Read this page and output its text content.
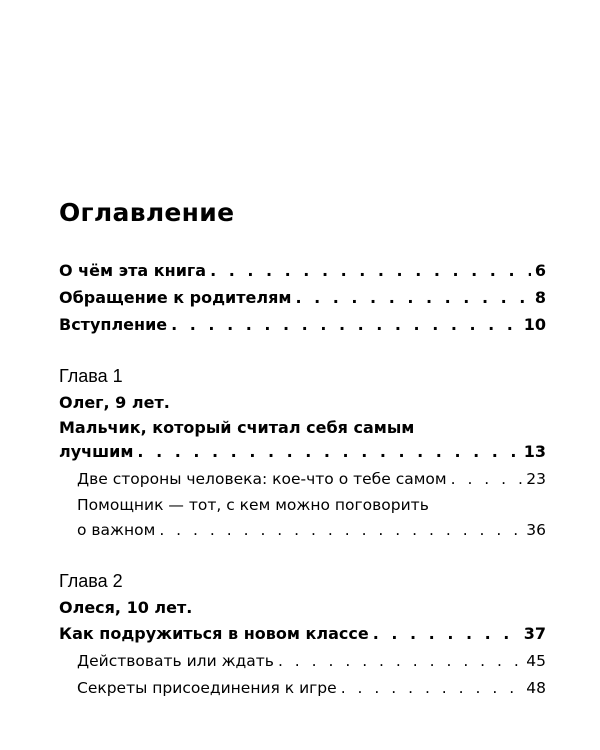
Оглавление
О чём эта книга . . .	6
Обращение к родителям . . .	8
Вступление . . .	10
Глава 1
Олег, 9 лет.
Мальчик, который считал себя самым
лучшим . . .	13
Две стороны человека: кое-что о тебе самом . . .	23
Помощник — тот, с кем можно поговорить
о важном . . .	36
Глава 2
Олеся, 10 лет.
Как подружиться в новом классе . . .	37
Действовать или ждать . . .	45
Секреты присоединения к игре . . .	48
